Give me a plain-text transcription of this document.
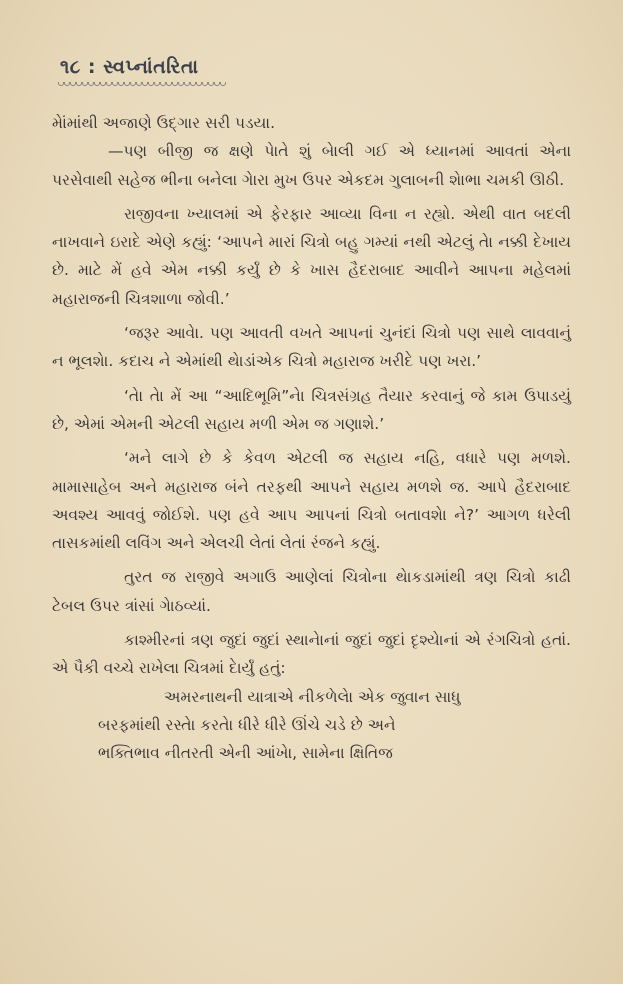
૧૮ : સ્વપ્નાંતરિતા

મેાંમાંથી અજાણે ઉદ્‌ગાર સરી પડયા.

—પણ બીજી જ ક્ષણે પેાતે શું બેાલી ગઈ એ ધ્યાનમાં આવતાં એના પરસેવાથી સહેજ ભીના બનેલા ગેારા મુખ ઉપર એકદમ ગુલાબની શેાભા ચમકી ઊઠી.

રાજીવના ખ્યાલમાં એ ફેરફાર આવ્યા વિના ન રહ્યો. એથી વાત બદલી નાખવાને ઇરાદે એણે કહ્યું: ‘આપને મારાં ચિત્રો બહુ ગમ્યાં નથી એટલું તેા નક્કી દેખાય છે. માટે મેં હવે એમ નક્કી કર્યું છે કે ખાસ હૈદરાબાદ આવીને આપના મહેલમાં મહારાજની ચિત્રશાળા જોવી.’

‘જરૂર આવેા. પણ આવતી વખતે આપનાં ચુનંદાં ચિત્રો પણ સાથે લાવવાનું ન ભૂલશેા. કદાચ ને એમાંથી થેાડાંએક ચિત્રો મહારાજ ખરીદે પણ ખરા.’

‘તેા તેા મેં આ “આદિભૂમિ”નેા ચિત્રસંગ્રહ તૈયાર કરવાનું જે કામ ઉપાડયું છે, એમાં એમની એટલી સહાય મળી એમ જ ગણાશે.’

‘મને લાગે છે કે કેવળ એટલી જ સહાય નહિ, વધારે પણ મળશે. મામાસાહેબ અને મહારાજ બંને તરફથી આપને સહાય મળશે જ. આપે હૈદરાબાદ અવશ્ય આવવું જોઈશે. પણ હવે આપ આપનાં ચિત્રો બતાવશેા ને?’ આગળ ધરેલી તાસકમાંથી લવિંગ અને એલચી લેતાં લેતાં રંજને કહ્યું.

તુરત જ રાજીવે અગાઉ આણેલાં ચિત્રોના થેાકડામાંથી ત્રણ ચિત્રો કાઢી ટેબલ ઉપર ત્રાંસાં ગેાઠવ્યાં.

કાશ્મીરનાં ત્રણ જુદાં જુદાં સ્થાનેાનાં જુદાં જુદાં દૃશ્યેાનાં એ રંગચિત્રો હતાં. એ પૈકી વચ્ચે રાખેલા ચિત્રમાં દેાર્યું હતું:

અમરનાથની યાત્રાએ નીકળેલેા એક જુવાન સાધુ
બરફમાંથી રસ્તેા કરતેા ધીરે ધીરે ઊંચે ચડે છે અને
ભક્તિભાવ નીતરતી એની આંખેા, સામેના ક્ષિતિજ
